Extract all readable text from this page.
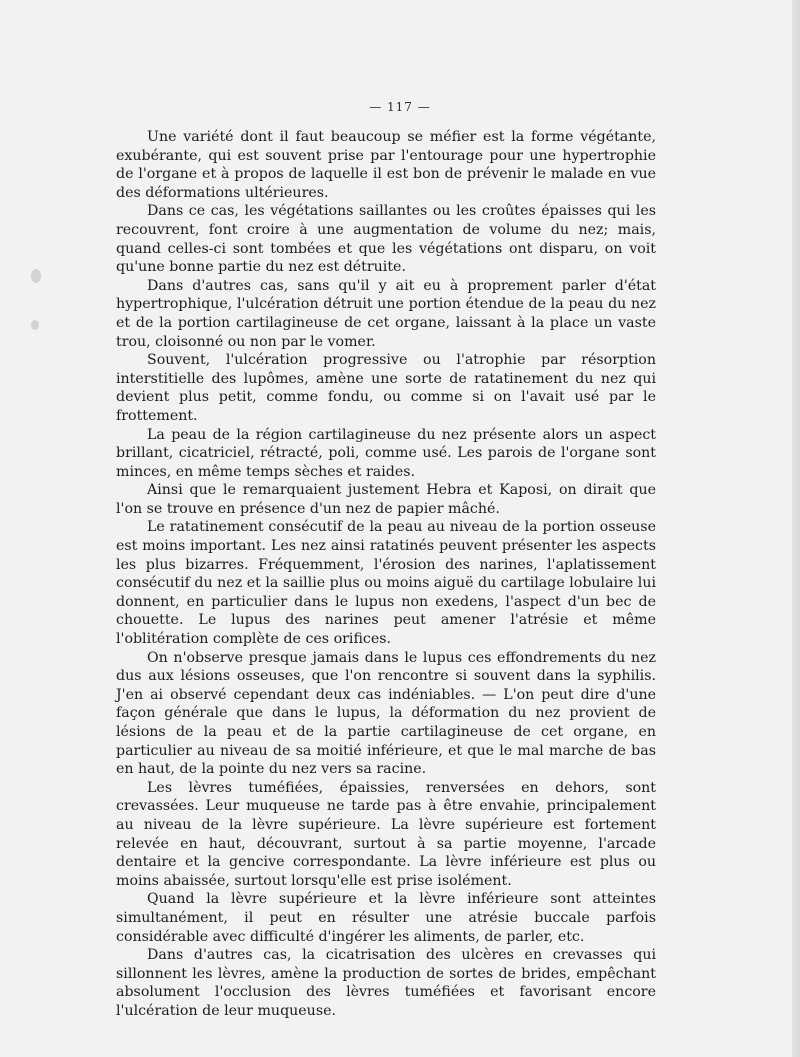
— 117 —

Une variété dont il faut beaucoup se méfier est la forme végétante, exubérante, qui est souvent prise par l'entourage pour une hypertrophie de l'organe et à propos de laquelle il est bon de prévenir le malade en vue des déformations ultérieures.

Dans ce cas, les végétations saillantes ou les croûtes épaisses qui les recouvrent, font croire à une augmentation de volume du nez; mais, quand celles-ci sont tombées et que les végétations ont disparu, on voit qu'une bonne partie du nez est détruite.

Dans d'autres cas, sans qu'il y ait eu à proprement parler d'état hypertrophique, l'ulcération détruit une portion étendue de la peau du nez et de la portion cartilagineuse de cet organe, laissant à la place un vaste trou, cloisonné ou non par le vomer.

Souvent, l'ulcération progressive ou l'atrophie par résorption interstitielle des lupômes, amène une sorte de ratatinement du nez qui devient plus petit, comme fondu, ou comme si on l'avait usé par le frottement.

La peau de la région cartilagineuse du nez présente alors un aspect brillant, cicatriciel, rétracté, poli, comme usé. Les parois de l'organe sont minces, en même temps sèches et raides.

Ainsi que le remarquaient justement Hebra et Kaposi, on dirait que l'on se trouve en présence d'un nez de papier mâché.

Le ratatinement consécutif de la peau au niveau de la portion osseuse est moins important. Les nez ainsi ratatinés peuvent présenter les aspects les plus bizarres. Fréquemment, l'érosion des narines, l'aplatissement consécutif du nez et la saillie plus ou moins aiguë du cartilage lobulaire lui donnent, en particulier dans le lupus non exedens, l'aspect d'un bec de chouette. Le lupus des narines peut amener l'atrésie et même l'oblitération complète de ces orifices.

On n'observe presque jamais dans le lupus ces effondrements du nez dus aux lésions osseuses, que l'on rencontre si souvent dans la syphilis. J'en ai observé cependant deux cas indéniables. — L'on peut dire d'une façon générale que dans le lupus, la déformation du nez provient de lésions de la peau et de la partie cartilagineuse de cet organe, en particulier au niveau de sa moitié inférieure, et que le mal marche de bas en haut, de la pointe du nez vers sa racine.

Les lèvres tuméfiées, épaissies, renversées en dehors, sont crevassées. Leur muqueuse ne tarde pas à être envahie, principalement au niveau de la lèvre supérieure. La lèvre supérieure est fortement relevée en haut, découvrant, surtout à sa partie moyenne, l'arcade dentaire et la gencive correspondante. La lèvre inférieure est plus ou moins abaissée, surtout lorsqu'elle est prise isolément.

Quand la lèvre supérieure et la lèvre inférieure sont atteintes simultanément, il peut en résulter une atrésie buccale parfois considérable avec difficulté d'ingérer les aliments, de parler, etc.

Dans d'autres cas, la cicatrisation des ulcères en crevasses qui sillonnent les lèvres, amène la production de sortes de brides, empêchant absolument l'occlusion des lèvres tuméfiées et favorisant encore l'ulcération de leur muqueuse.
